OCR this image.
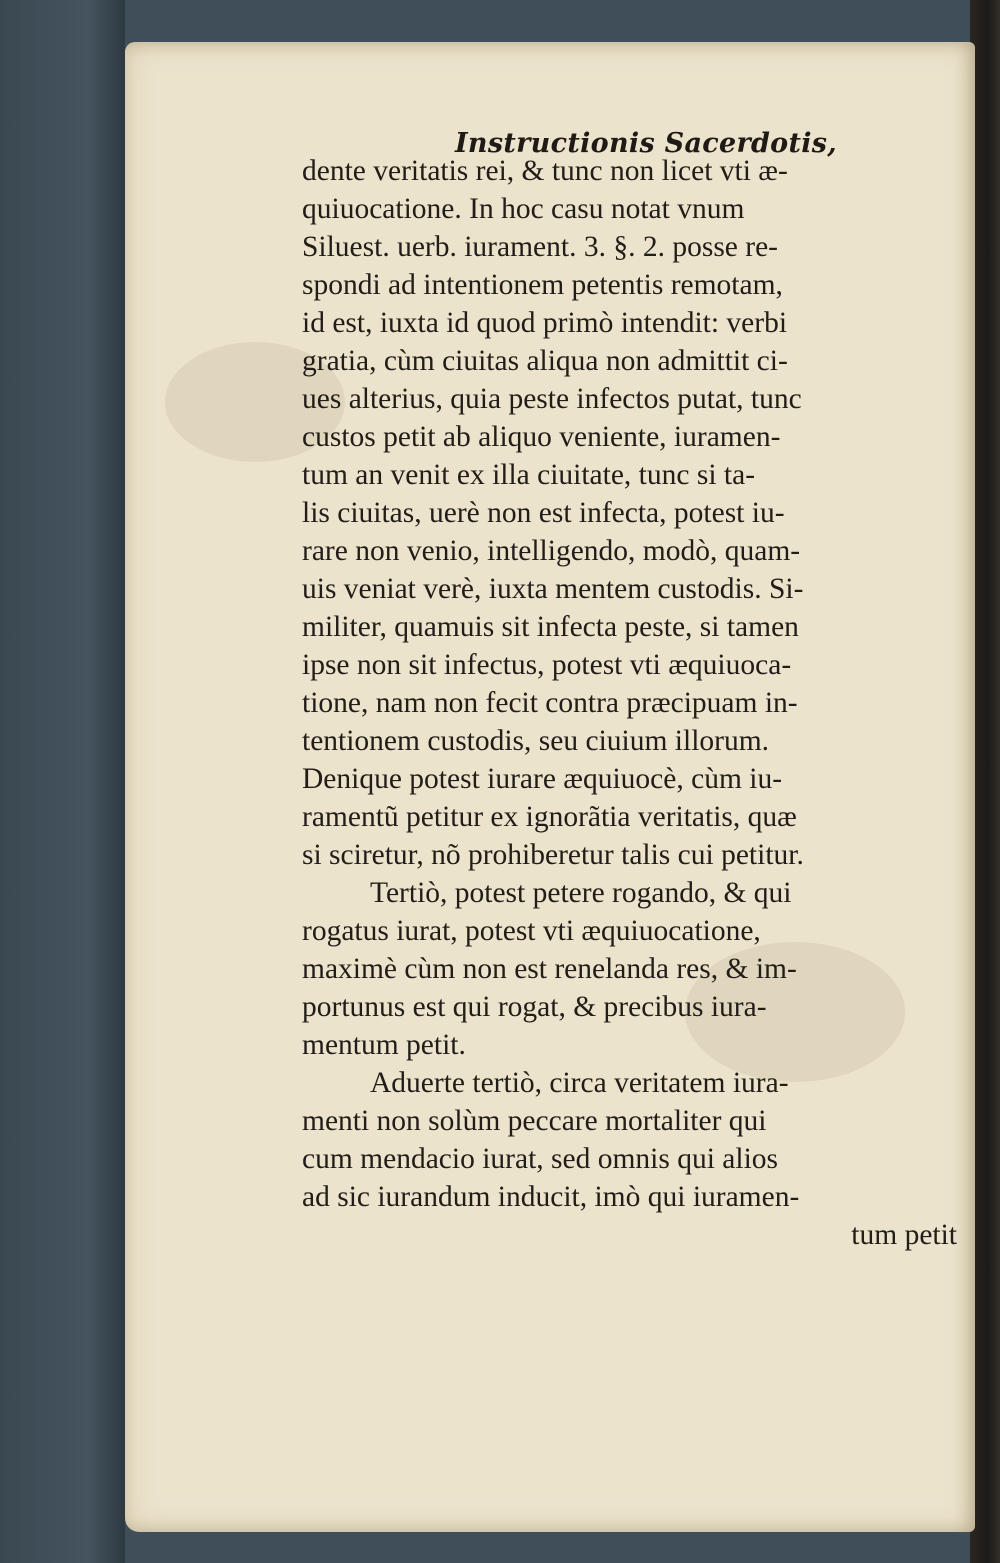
Instructionis Sacerdotis,
dente veritatis rei, & tunc non licet vti æ-
quiuocatione. In hoc casu notat vnum
Siluest. uerb. iurament. 3. §. 2. posse re-
spondi ad intentionem petentis remotam,
id est, iuxta id quod primò intendit: verbi
gratia, cùm ciuitas aliqua non admittit ci-
ues alterius, quia peste infectos putat, tunc
custos petit ab aliquo veniente, iuramen-
tum an venit ex illa ciuitate, tunc si ta-
lis ciuitas, uerè non est infecta, potest iu-
rare non venio, intelligendo, modò, quam-
uis veniat verè, iuxta mentem custodis. Si-
militer, quamuis sit infecta peste, si tamen
ipse non sit infectus, potest vti æquiuoca-
tione, nam non fecit contra præcipuam in-
tentionem custodis, seu ciuium illorum.
Denique potest iurare æquiuocè, cùm iu-
ramentũ petitur ex ignorãtia veritatis, quæ
si sciretur, nõ prohiberetur talis cui petitur.
Tertiò, potest petere rogando, & qui
rogatus iurat, potest vti æquiuocatione,
maximè cùm non est renelanda res, & im-
portunus est qui rogat, & precibus iura-
mentum petit.
Aduerte tertiò, circa veritatem iura-
menti non solùm peccare mortaliter qui
cum mendacio iurat, sed omnis qui alios
ad sic iurandum inducit, imò qui iuramen-
tum petit
